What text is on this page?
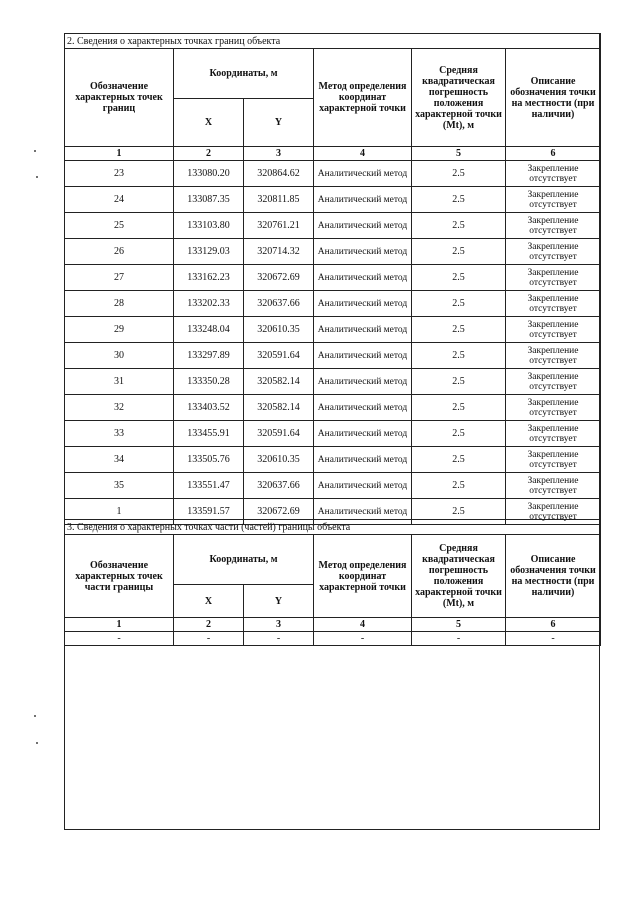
2. Сведения о характерных точках границ объекта					
Обозначение характерных точек границ	Координаты, м		Метод определения координат характерной точки	Средняя квадратическая погрешность положения характерной точки (Mt), м	Описание обозначения точки на местности (при наличии)
	X	Y			
1	2	3	4	5	6
23	133080.20	320864.62	Аналитический метод	2.5	Закрепление отсутствует
24	133087.35	320811.85	Аналитический метод	2.5	Закрепление отсутствует
25	133103.80	320761.21	Аналитический метод	2.5	Закрепление отсутствует
26	133129.03	320714.32	Аналитический метод	2.5	Закрепление отсутствует
27	133162.23	320672.69	Аналитический метод	2.5	Закрепление отсутствует
28	133202.33	320637.66	Аналитический метод	2.5	Закрепление отсутствует
29	133248.04	320610.35	Аналитический метод	2.5	Закрепление отсутствует
30	133297.89	320591.64	Аналитический метод	2.5	Закрепление отсутствует
31	133350.28	320582.14	Аналитический метод	2.5	Закрепление отсутствует
32	133403.52	320582.14	Аналитический метод	2.5	Закрепление отсутствует
33	133455.91	320591.64	Аналитический метод	2.5	Закрепление отсутствует
34	133505.76	320610.35	Аналитический метод	2.5	Закрепление отсутствует
35	133551.47	320637.66	Аналитический метод	2.5	Закрепление отсутствует
1	133591.57	320672.69	Аналитический метод	2.5	Закрепление отсутствует
3. Сведения о характерных точках части (частей) границы объекта					
Обозначение характерных точек части границы	Координаты, м		Метод определения координат характерной точки	Средняя квадратическая погрешность положения характерной точки (Mt), м	Описание обозначения точки на местности (при наличии)
	X	Y			
1	2	3	4	5	6
-	-	-	-	-	-
